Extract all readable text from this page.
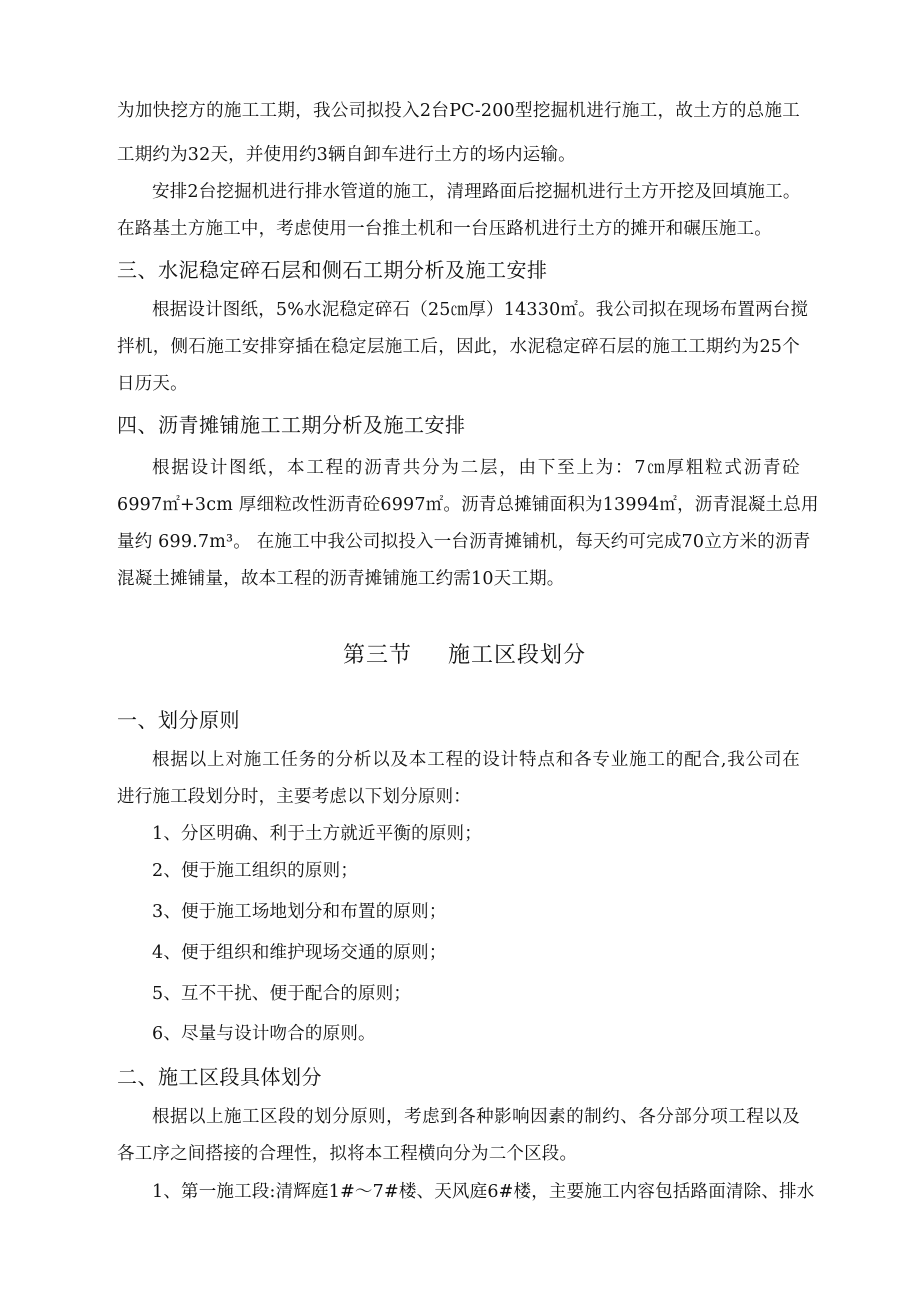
为加快挖方的施工工期，我公司拟投入2台PC-200型挖掘机进行施工，故土方的总施工
工期约为32天，并使用约3辆自卸车进行土方的场内运输。
安排2台挖掘机进行排水管道的施工，清理路面后挖掘机进行土方开挖及回填施工。
在路基土方施工中，考虑使用一台推土机和一台压路机进行土方的摊开和碾压施工。
三、水泥稳定碎石层和侧石工期分析及施工安排
根据设计图纸，5%水泥稳定碎石（25㎝厚）14330㎡。我公司拟在现场布置两台搅
拌机，侧石施工安排穿插在稳定层施工后，因此，水泥稳定碎石层的施工工期约为25个
日历天。
四、沥青摊铺施工工期分析及施工安排
根据设计图纸，本工程的沥青共分为二层，由下至上为：7㎝厚粗粒式沥青砼
6997㎡+3cm 厚细粒改性沥青砼6997㎡。沥青总摊铺面积为13994㎡，沥青混凝土总用
量约 699.7m³。 在施工中我公司拟投入一台沥青摊铺机，每天约可完成70立方米的沥青
混凝土摊铺量，故本工程的沥青摊铺施工约需10天工期。
第三节 施工区段划分
一、划分原则
根据以上对施工任务的分析以及本工程的设计特点和各专业施工的配合,我公司在
进行施工段划分时，主要考虑以下划分原则：
1、分区明确、利于土方就近平衡的原则；
2、便于施工组织的原则；
3、便于施工场地划分和布置的原则；
4、便于组织和维护现场交通的原则；
5、互不干扰、便于配合的原则；
6、尽量与设计吻合的原则。
二、施工区段具体划分
根据以上施工区段的划分原则，考虑到各种影响因素的制约、各分部分项工程以及
各工序之间搭接的合理性，拟将本工程横向分为二个区段。
1、第一施工段:清辉庭1#～7#楼、天风庭6#楼，主要施工内容包括路面清除、排水
